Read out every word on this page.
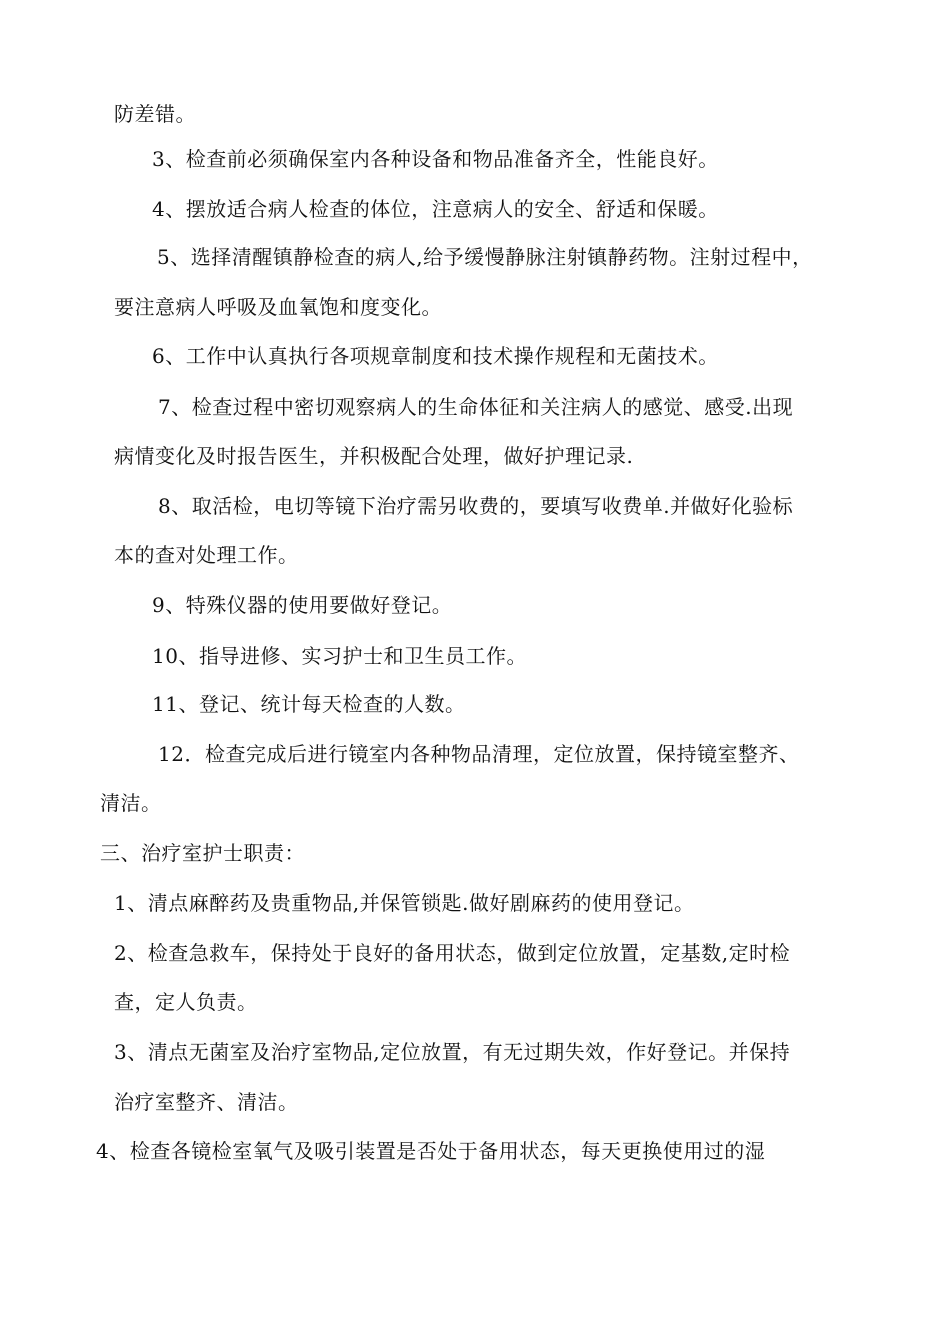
防差错。
3、检查前必须确保室内各种设备和物品准备齐全，性能良好。
4、摆放适合病人检查的体位，注意病人的安全、舒适和保暖。
5、选择清醒镇静检查的病人,给予缓慢静脉注射镇静药物。注射过程中，
要注意病人呼吸及血氧饱和度变化。
6、工作中认真执行各项规章制度和技术操作规程和无菌技术。
7、检查过程中密切观察病人的生命体征和关注病人的感觉、感受.出现
病情变化及时报告医生，并积极配合处理，做好护理记录.
8、取活检，电切等镜下治疗需另收费的，要填写收费单.并做好化验标
本的查对处理工作。
9、特殊仪器的使用要做好登记。
10、指导进修、实习护士和卫生员工作。
11、登记、统计每天检查的人数。
12．检查完成后进行镜室内各种物品清理，定位放置，保持镜室整齐、
清洁。
三、治疗室护士职责：
1、清点麻醉药及贵重物品,并保管锁匙.做好剧麻药的使用登记。
2、检查急救车，保持处于良好的备用状态，做到定位放置，定基数,定时检
查，定人负责。
3、清点无菌室及治疗室物品,定位放置，有无过期失效，作好登记。并保持
治疗室整齐、清洁。
4、检查各镜检室氧气及吸引装置是否处于备用状态，每天更换使用过的湿
